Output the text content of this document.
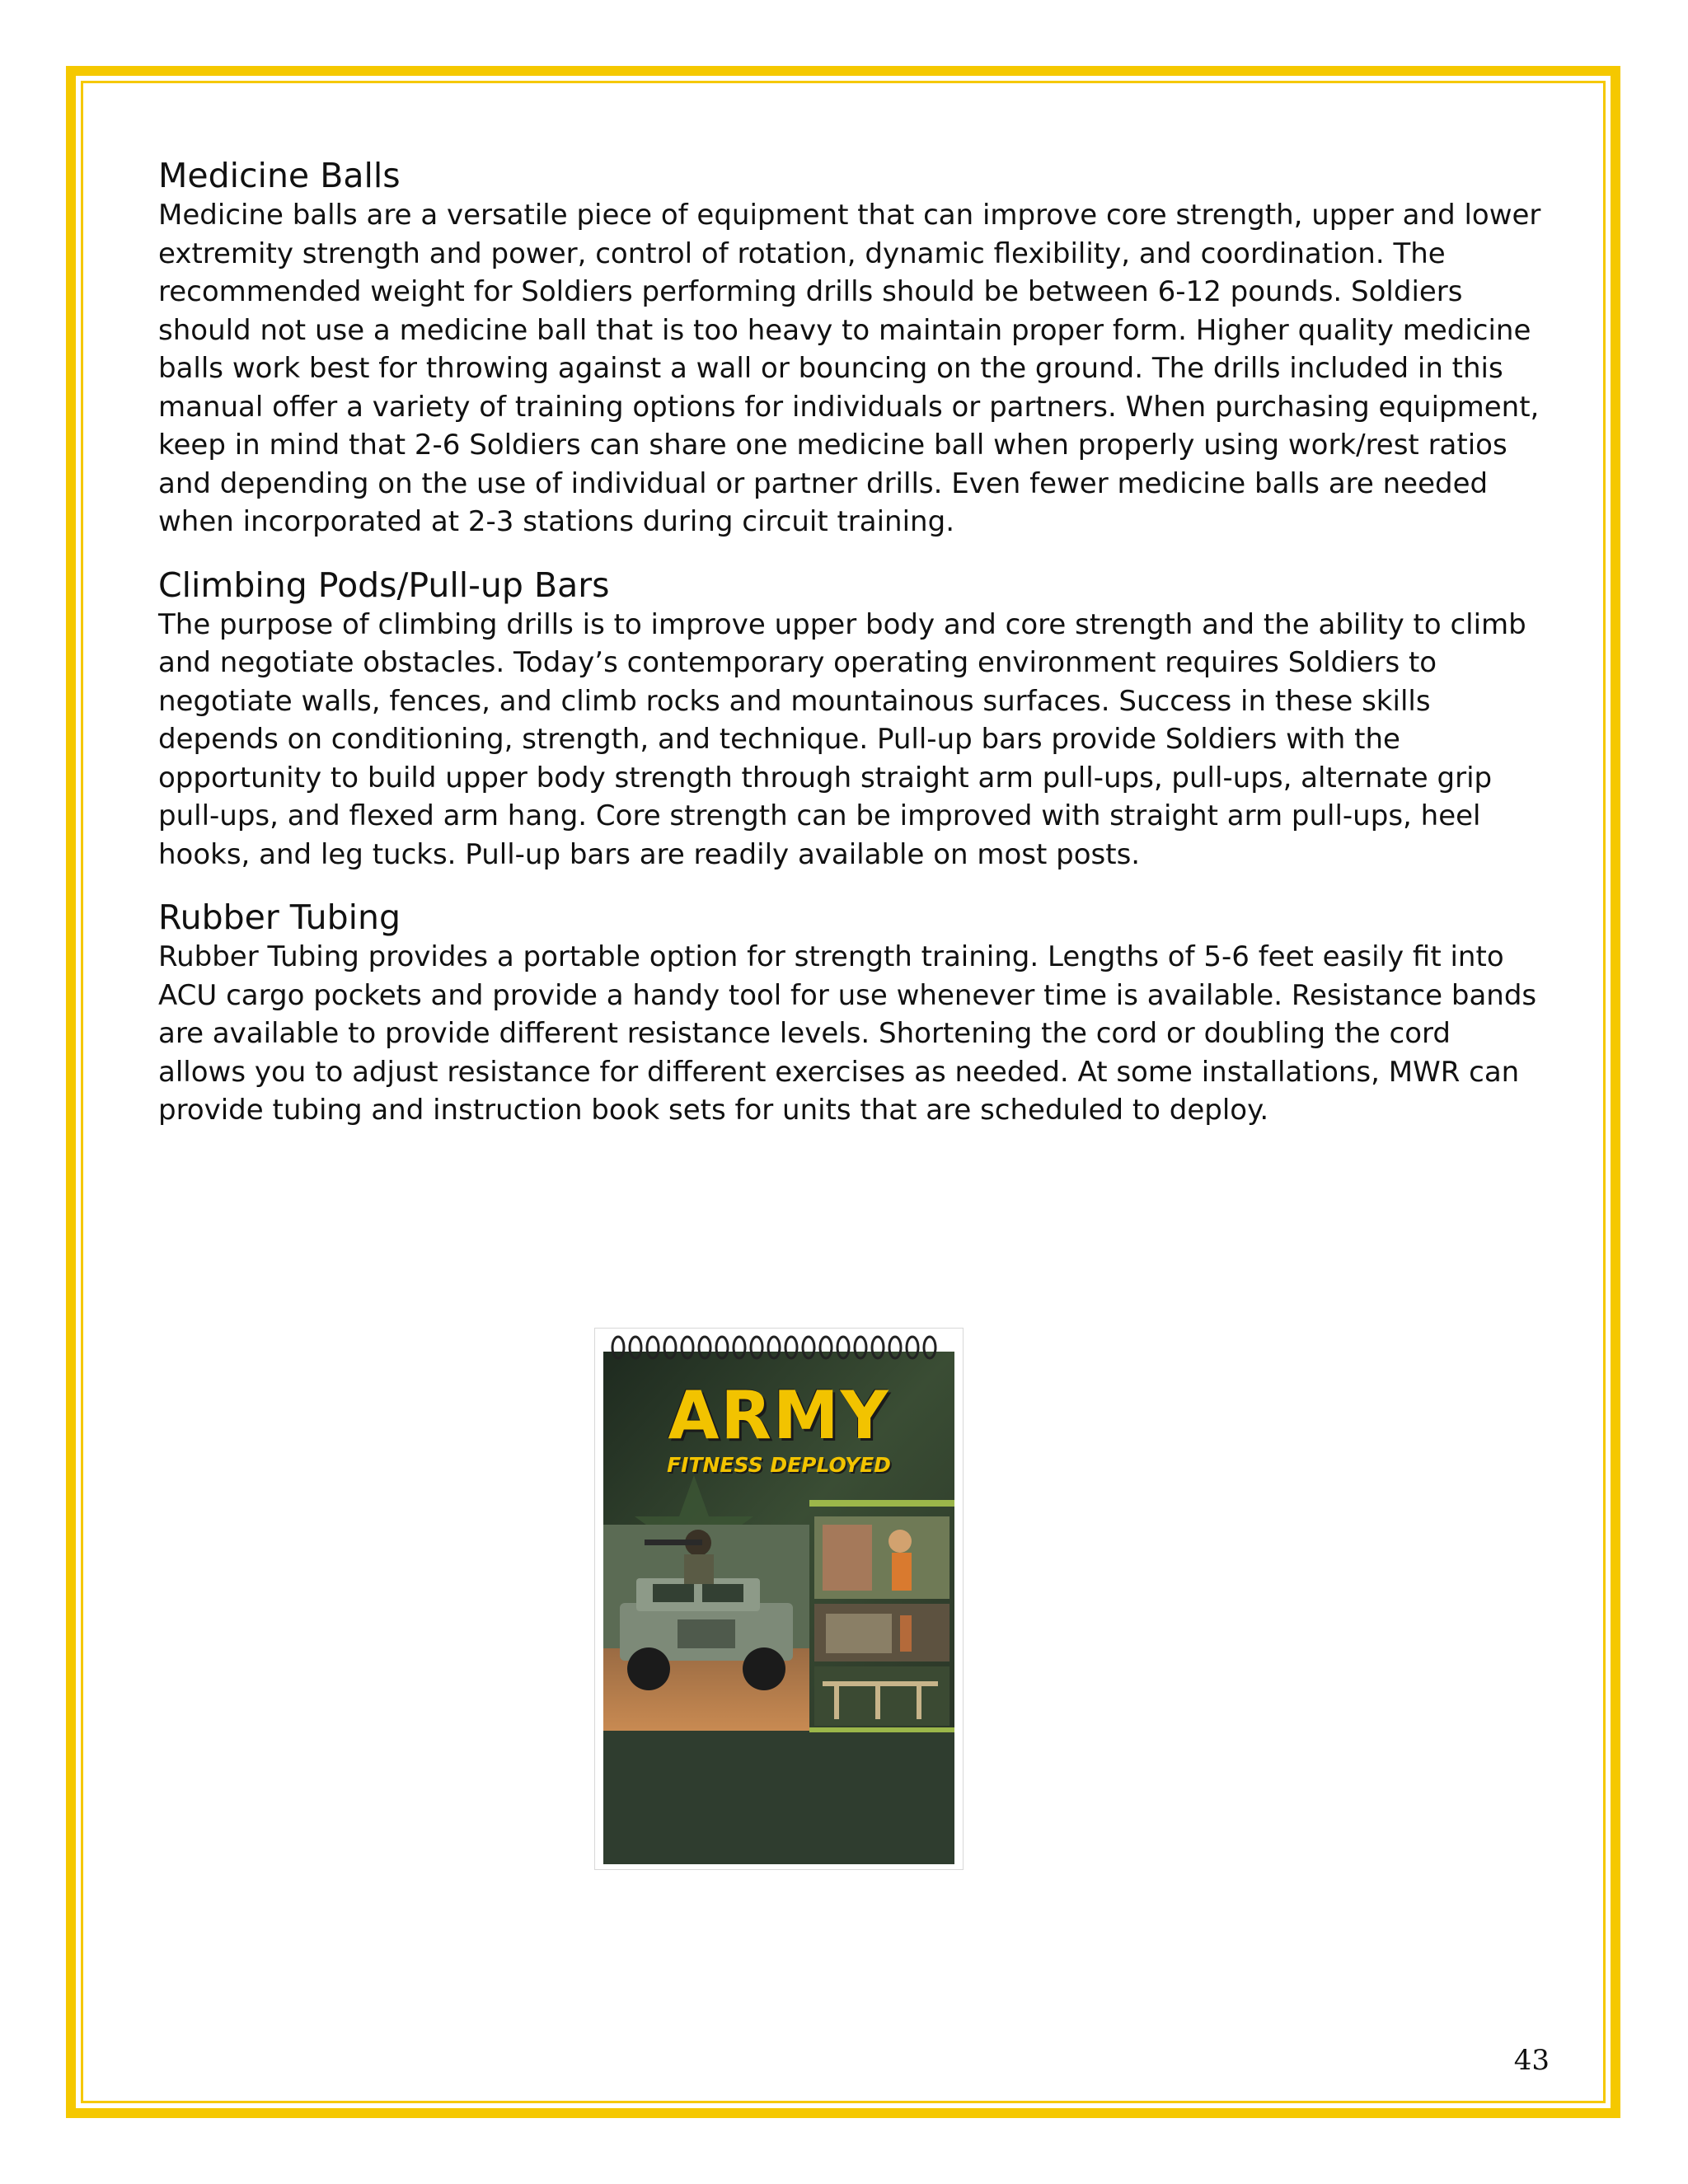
Medicine Balls

Medicine balls are a versatile piece of equipment that can improve core strength, upper and lower extremity strength and power, control of rotation, dynamic flexibility, and coordination. The recommended weight for Soldiers performing drills should be between 6-12 pounds. Soldiers should not use a medicine ball that is too heavy to maintain proper form. Higher quality medicine balls work best for throwing against a wall or bouncing on the ground. The drills included in this manual offer a variety of training options for individuals or partners. When purchasing equipment, keep in mind that 2-6 Soldiers can share one medicine ball when properly using work/rest ratios and depending on the use of individual or partner drills. Even fewer medicine balls are needed when incorporated at 2-3 stations during circuit training.

Climbing Pods/Pull-up Bars

The purpose of climbing drills is to improve upper body and core strength and the ability to climb and negotiate obstacles. Today’s contemporary operating environment requires Soldiers to negotiate walls, fences, and climb rocks and mountainous surfaces. Success in these skills depends on conditioning, strength, and technique. Pull-up bars provide Soldiers with the opportunity to build upper body strength through straight arm pull-ups, pull-ups, alternate grip pull-ups, and flexed arm hang. Core strength can be improved with straight arm pull-ups, heel hooks, and leg tucks. Pull-up bars are readily available on most posts.

Rubber Tubing

Rubber Tubing provides a portable option for strength training. Lengths of 5-6 feet easily fit into ACU cargo pockets and provide a handy tool for use whenever time is available. Resistance bands are available to provide different resistance levels. Shortening the cord or doubling the cord allows you to adjust resistance for different exercises as needed. At some installations, MWR can provide tubing and instruction book sets for units that are scheduled to deploy.

ARMY
FITNESS DEPLOYED
43
